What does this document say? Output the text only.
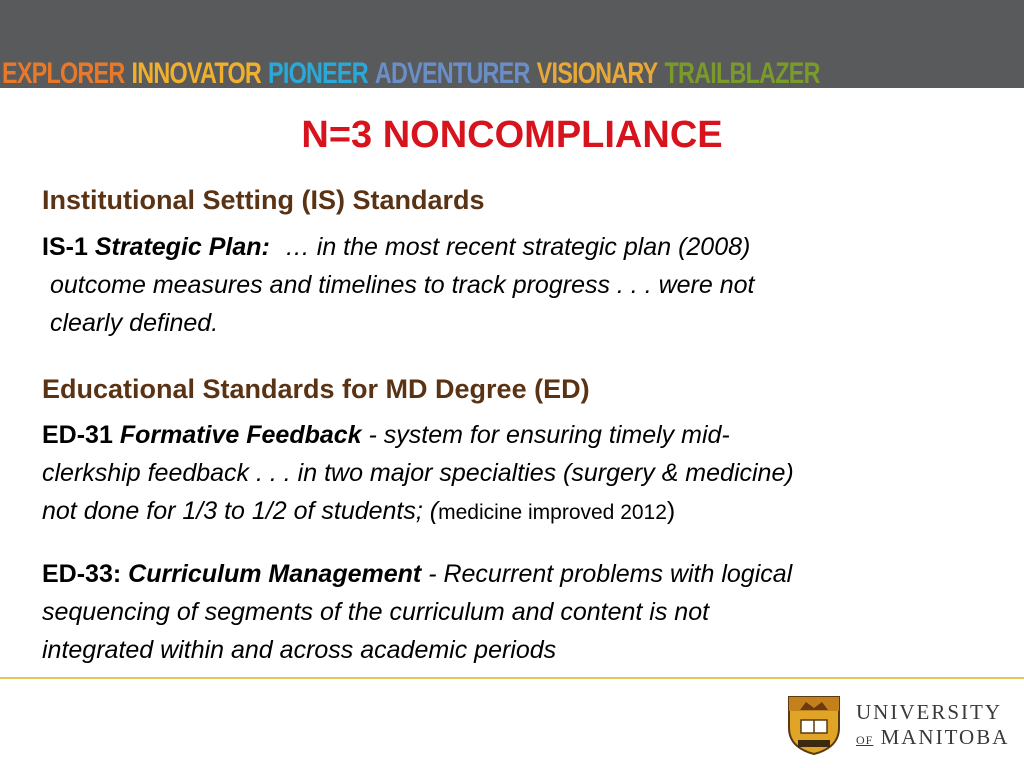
EXPLORER INNOVATOR PIONEER ADVENTURER VISIONARY TRAILBLAZER
N=3 NONCOMPLIANCE
Institutional Setting (IS) Standards
IS-1 Strategic Plan: … in the most recent strategic plan (2008)
outcome measures and timelines to track progress . . . were not
clearly defined.
Educational Standards for MD Degree (ED)
ED-31 Formative Feedback - system for ensuring timely mid-
clerkship feedback . . . in two major specialties (surgery & medicine)
not done for 1/3 to 1/2 of students; (medicine improved 2012)
ED-33: Curriculum Management - Recurrent problems with logical
sequencing of segments of the curriculum and content is not
integrated within and across academic periods
UNIVERSITY
OF MANITOBA
